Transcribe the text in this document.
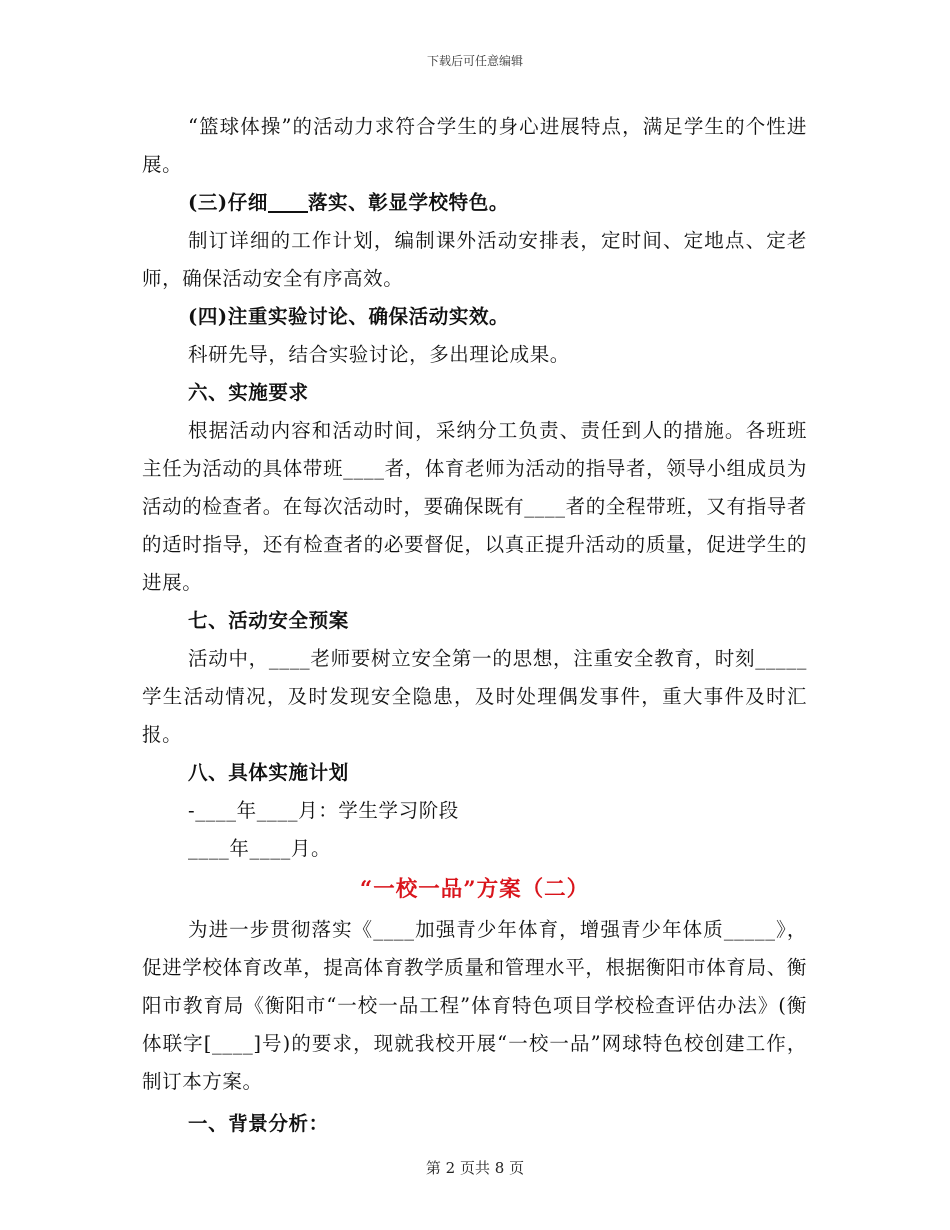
下载后可任意编辑

“篮球体操”的活动力求符合学生的身心进展特点，满足学生的个性进展。

(三)仔细 落实、彰显学校特色。

制订详细的工作计划，编制课外活动安排表，定时间、定地点、定老师，确保活动安全有序高效。

(四)注重实验讨论、确保活动实效。

科研先导，结合实验讨论，多出理论成果。

六、实施要求

根据活动内容和活动时间，采纳分工负责、责任到人的措施。各班班主任为活动的具体带班____者，体育老师为活动的指导者，领导小组成员为活动的检查者。在每次活动时，要确保既有____者的全程带班，又有指导者的适时指导，还有检查者的必要督促，以真正提升活动的质量，促进学生的进展。

七、活动安全预案

活动中，____老师要树立安全第一的思想，注重安全教育，时刻_____学生活动情况，及时发现安全隐患，及时处理偶发事件，重大事件及时汇报。

八、具体实施计划

-____年____月：学生学习阶段

____年____月。

“一校一品”方案（二）

为进一步贯彻落实《____加强青少年体育，增强青少年体质_____》，促进学校体育改革，提高体育教学质量和管理水平，根据衡阳市体育局、衡阳市教育局《衡阳市“一校一品工程”体育特色项目学校检查评估办法》(衡体联字[____]号)的要求，现就我校开展“一校一品”网球特色校创建工作，制订本方案。

一、背景分析：

第 2 页共 8 页
